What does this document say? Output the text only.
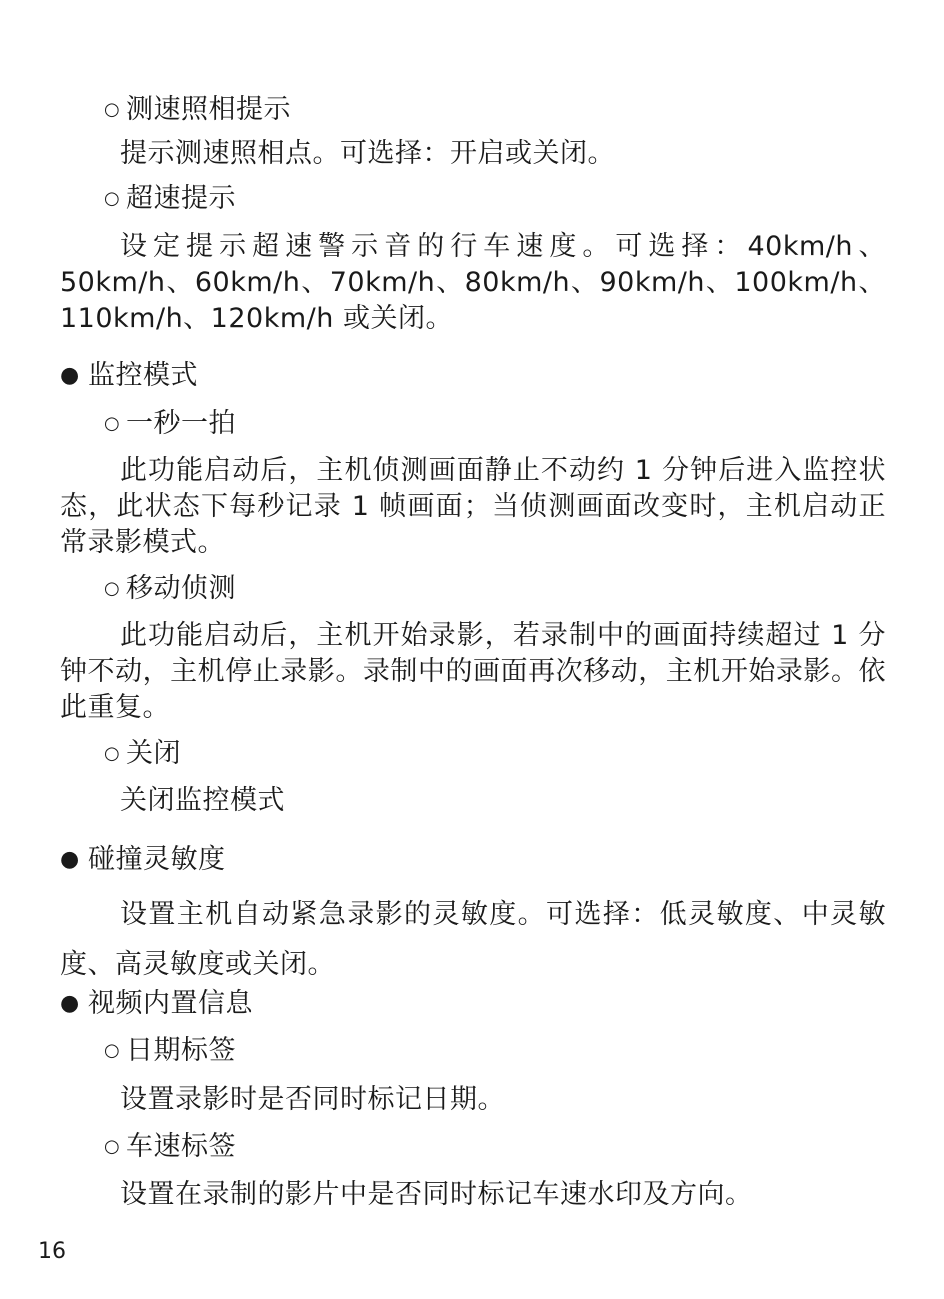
○ 测速照相提示
提示测速照相点。可选择：开启或关闭。
○ 超速提示
设定提示超速警示音的行车速度。可选择：40km/h、50km/h、60km/h、70km/h、80km/h、90km/h、100km/h、110km/h、120km/h 或关闭。
● 监控模式
○ 一秒一拍
此功能启动后，主机侦测画面静止不动约 1 分钟后进入监控状态，此状态下每秒记录 1 帧画面；当侦测画面改变时，主机启动正常录影模式。
○ 移动侦测
此功能启动后，主机开始录影，若录制中的画面持续超过 1 分钟不动，主机停止录影。录制中的画面再次移动，主机开始录影。依此重复。
○ 关闭
关闭监控模式
● 碰撞灵敏度
设置主机自动紧急录影的灵敏度。可选择：低灵敏度、中灵敏度、高灵敏度或关闭。
● 视频内置信息
○ 日期标签
设置录影时是否同时标记日期。
○ 车速标签
设置在录制的影片中是否同时标记车速水印及方向。
16
